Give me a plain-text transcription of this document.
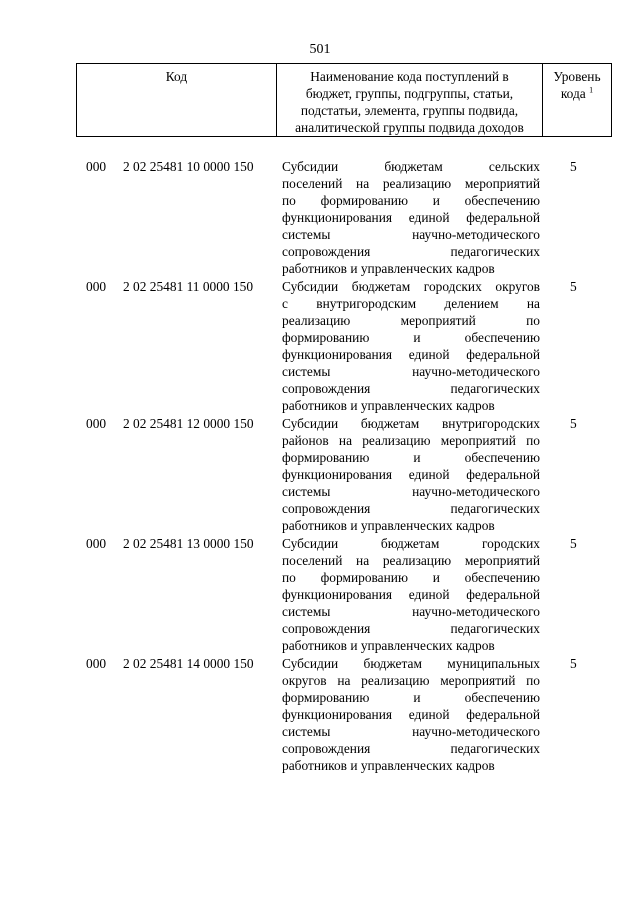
501
Код	Наименование кода поступлений в
бюджет, группы, подгруппы, статьи,
подстатьи, элемента, группы подвида,
аналитической группы подвида доходов
Уровень
кода $^1$
000 2 02 25481 10 0000 150 Субсидии бюджетам сельских
поселений на реализацию мероприятий
по формированию и обеспечению
функционирования единой федеральной
системы научно-методического
сопровождения педагогических
работников и управленческих кадров
5
000 2 02 25481 11 0000 150 Субсидии бюджетам городских округов
с внутригородским делением на
реализацию мероприятий по
формированию и обеспечению
функционирования единой федеральной
системы научно-методического
сопровождения педагогических
работников и управленческих кадров
5
000 2 02 25481 12 0000 150 Субсидии бюджетам внутригородских
районов на реализацию мероприятий по
формированию и обеспечению
функционирования единой федеральной
системы научно-методического
сопровождения педагогических
работников и управленческих кадров
5
000 2 02 25481 13 0000 150 Субсидии бюджетам городских
поселений на реализацию мероприятий
по формированию и обеспечению
функционирования единой федеральной
системы научно-методического
сопровождения педагогических
работников и управленческих кадров
5
000 2 02 25481 14 0000 150 Субсидии бюджетам муниципальных
округов на реализацию мероприятий по
формированию и обеспечению
функционирования единой федеральной
системы научно-методического
сопровождения педагогических
работников и управленческих кадров
5
